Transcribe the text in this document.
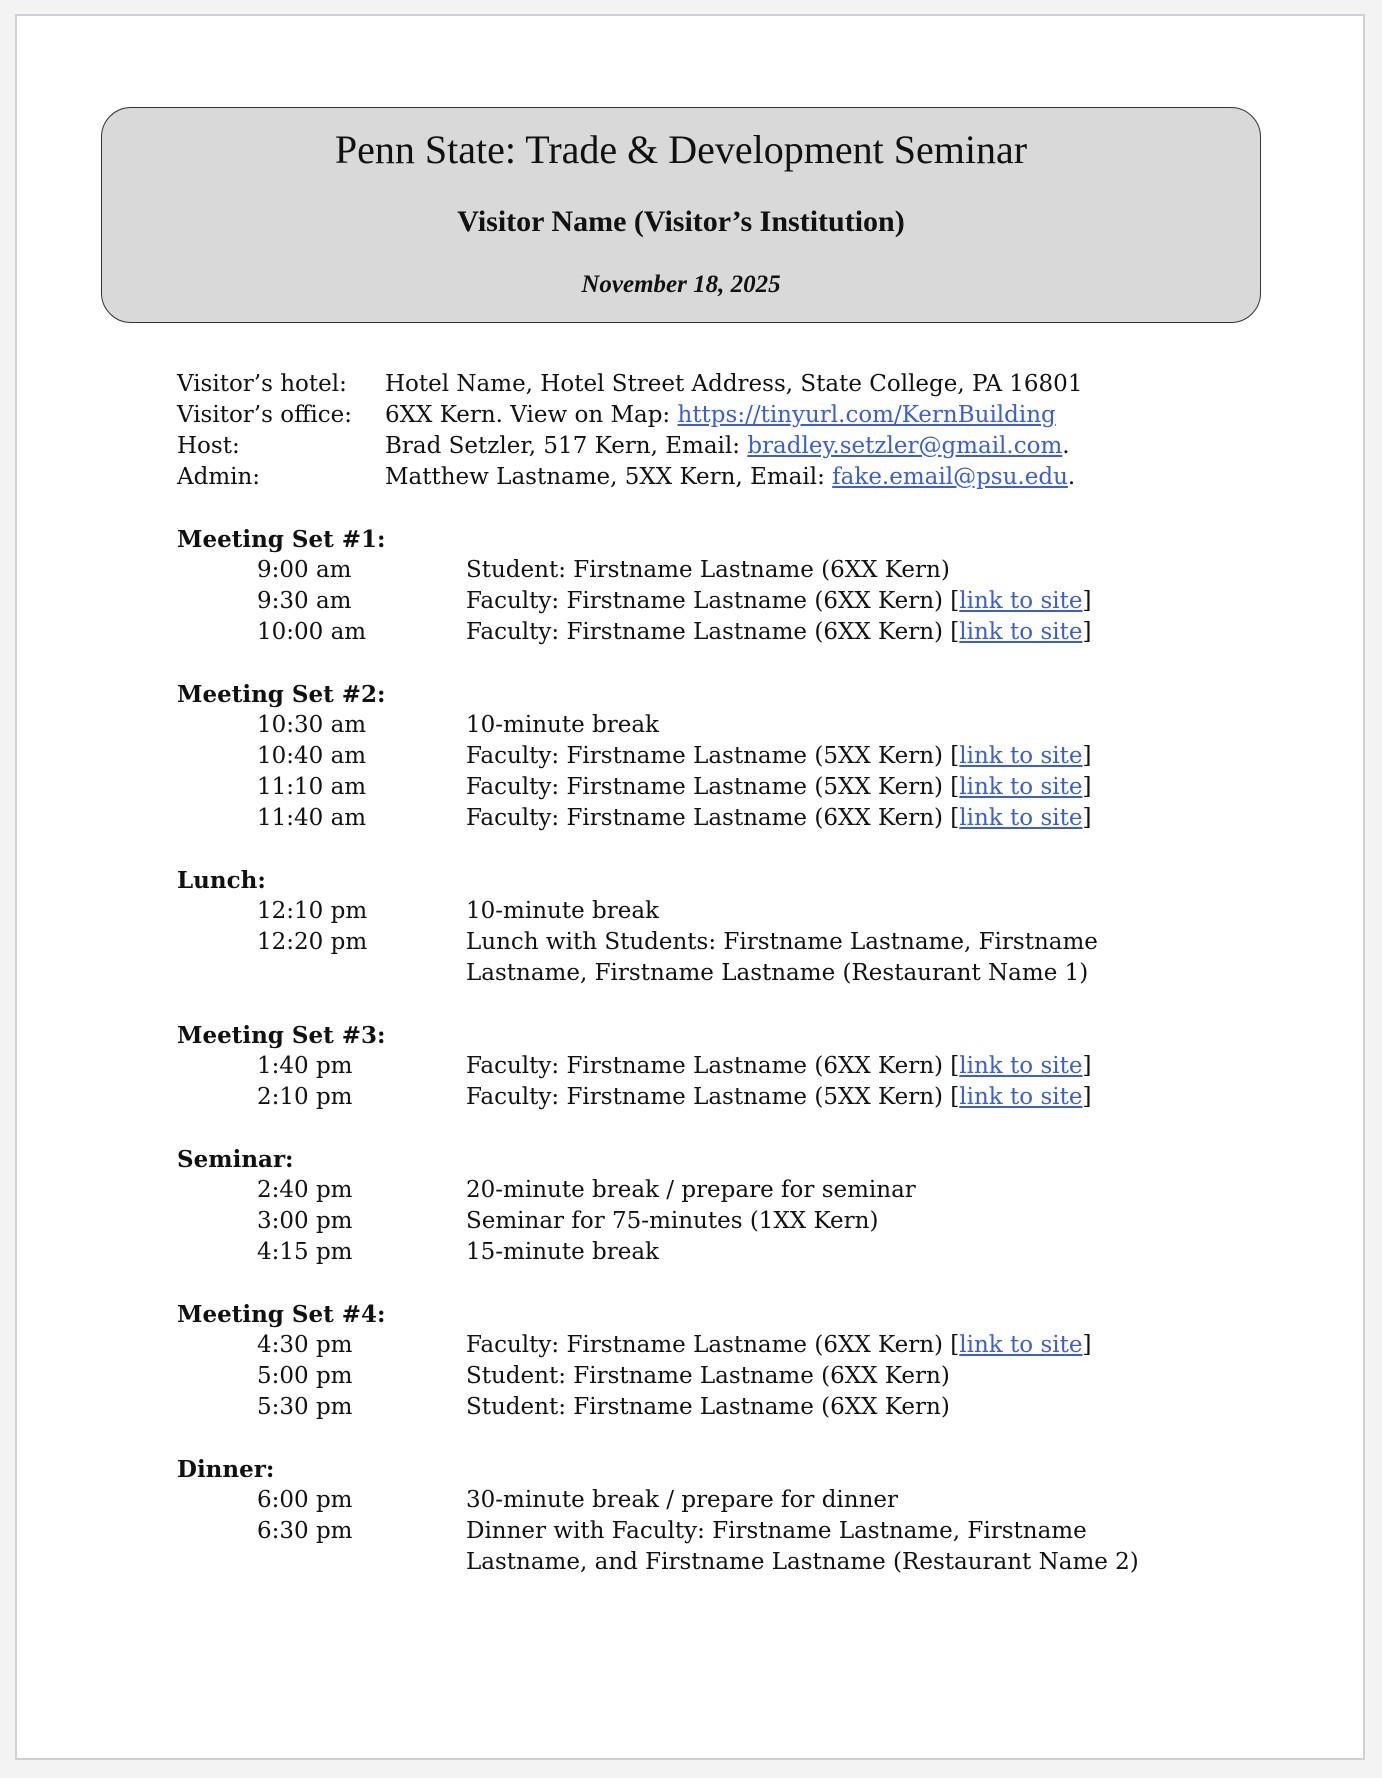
Penn State: Trade & Development Seminar
Visitor Name (Visitor’s Institution)
November 18, 2025
Visitor’s hotel:	Hotel Name, Hotel Street Address, State College, PA 16801
Visitor’s office:	6XX Kern. View on Map: https://tinyurl.com/KernBuilding
Host:	Brad Setzler, 517 Kern, Email: bradley.setzler@gmail.com.
Admin:	Matthew Lastname, 5XX Kern, Email: fake.email@psu.edu.
Meeting Set #1:
9:00 am	Student: Firstname Lastname (6XX Kern)
9:30 am	Faculty: Firstname Lastname (6XX Kern) [link to site]
10:00 am	Faculty: Firstname Lastname (6XX Kern) [link to site]
Meeting Set #2:
10:30 am	10-minute break
10:40 am	Faculty: Firstname Lastname (5XX Kern) [link to site]
11:10 am	Faculty: Firstname Lastname (5XX Kern) [link to site]
11:40 am	Faculty: Firstname Lastname (6XX Kern) [link to site]
Lunch:
12:10 pm	10-minute break
12:20 pm	Lunch with Students: Firstname Lastname, Firstname Lastname, Firstname Lastname (Restaurant Name 1)
Meeting Set #3:
1:40 pm	Faculty: Firstname Lastname (6XX Kern) [link to site]
2:10 pm	Faculty: Firstname Lastname (5XX Kern) [link to site]
Seminar:
2:40 pm	20-minute break / prepare for seminar
3:00 pm	Seminar for 75-minutes (1XX Kern)
4:15 pm	15-minute break
Meeting Set #4:
4:30 pm	Faculty: Firstname Lastname (6XX Kern) [link to site]
5:00 pm	Student: Firstname Lastname (6XX Kern)
5:30 pm	Student: Firstname Lastname (6XX Kern)
Dinner:
6:00 pm	30-minute break / prepare for dinner
6:30 pm	Dinner with Faculty: Firstname Lastname, Firstname Lastname, and Firstname Lastname (Restaurant Name 2)
